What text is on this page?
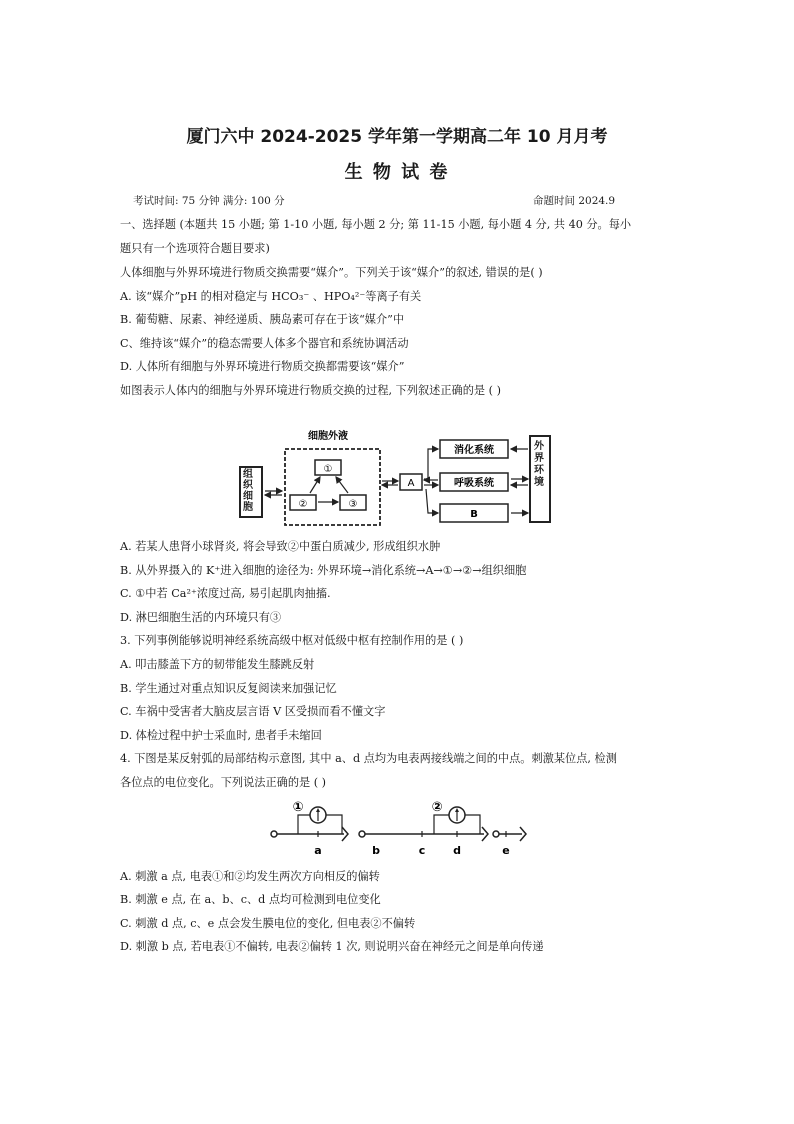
厦门六中 2024-2025 学年第一学期高二年 10 月月考
生 物 试 卷
考试时间: 75 分钟 满分: 100 分	命题时间 2024.9
一、选择题 (本题共 15 小题; 第 1-10 小题, 每小题 2 分; 第 11-15 小题, 每小题 4 分, 共 40 分。每小
题只有一个选项符合题目要求)
人体细胞与外界环境进行物质交换需要“媒介”。下列关于该“媒介”的叙述, 错误的是( )
A. 该“媒介”pH 的相对稳定与 HCO₃⁻ 、HPO₄²⁻等离子有关
B. 葡萄糖、尿素、神经递质、胰岛素可存在于该“媒介”中
C、维持该“媒介”的稳态需要人体多个器官和系统协调活动
D. 人体所有细胞与外界环境进行物质交换都需要该“媒介”
如图表示人体内的细胞与外界环境进行物质交换的过程, 下列叙述正确的是 ( )
细胞外液
①
②	③
A
消化系统
呼吸系统
B
组
织
细
胞
外
界
环
境
A. 若某人患肾小球肾炎, 将会导致②中蛋白质减少, 形成组织水肿
B. 从外界摄入的 K⁺进入细胞的途径为: 外界环境→消化系统→A→①→②→组织细胞
C. ①中若 Ca²⁺浓度过高, 易引起肌肉抽搐.
D. 淋巴细胞生活的内环境只有③
3. 下列事例能够说明神经系统高级中枢对低级中枢有控制作用的是 ( )
A. 叩击膝盖下方的韧带能发生膝跳反射
B. 学生通过对重点知识反复阅读来加强记忆
C. 车祸中受害者大脑皮层言语 V 区受损而看不懂文字
D. 体检过程中护士采血时, 患者手未缩回
4. 下图是某反射弧的局部结构示意图, 其中 a、d 点均为电表两接线端之间的中点。刺激某位点, 检测
各位点的电位变化。下列说法正确的是 ( )
①
a	b	c
②
d	e
A. 刺激 a 点, 电表①和②均发生两次方向相反的偏转
B. 刺激 e 点, 在 a、b、c、d 点均可检测到电位变化
C. 刺激 d 点, c、e 点会发生膜电位的变化, 但电表②不偏转
D. 刺激 b 点, 若电表①不偏转, 电表②偏转 1 次, 则说明兴奋在神经元之间是单向传递
